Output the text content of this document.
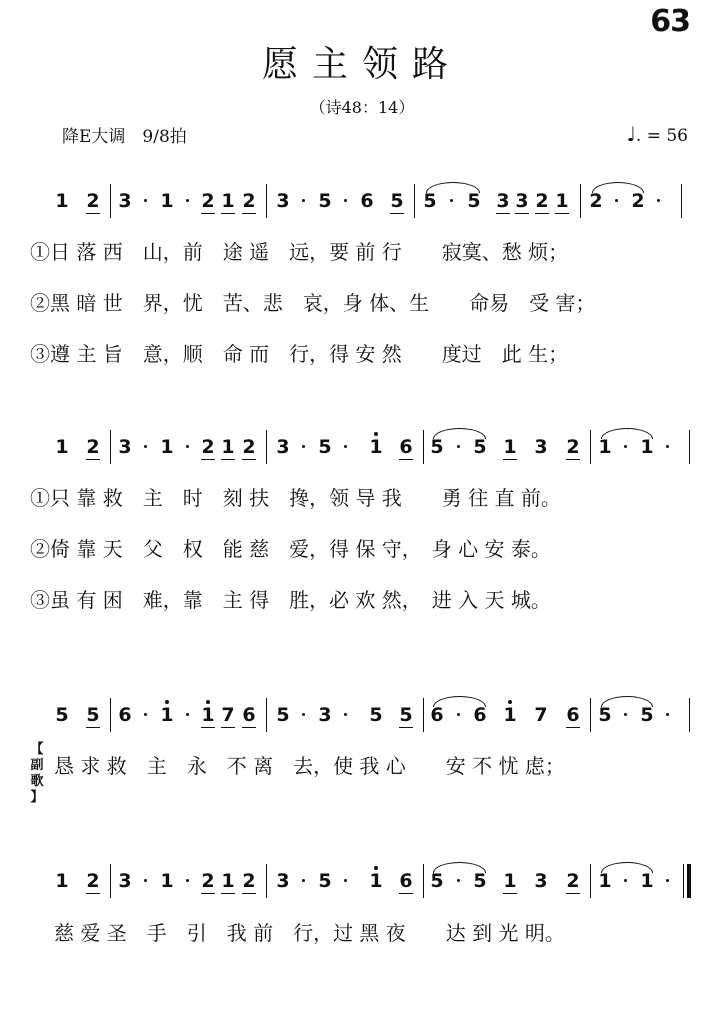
63
愿主领路
（诗48：14）
降E大调　9/8拍	♩. = 56
1 2 3 1 2 1 2 3 5 6 5 5 5 3 3 2 1 2 2
①日 落 西　山，前　途 遥　远，要 前 行　　寂寞、愁 烦；
②黑 暗 世　界，忧　苦、悲　哀，身 体、生　　命易　受 害；
③遵 主 旨　意，顺　命 而　行，得 安 然　　度过　此 生；
1 2 3 1 2 1 2 3 5 1 6 5 5 1 3 2 1 1
①只 靠 救　主　时　刻 扶　搀，领 导 我　　勇 往 直 前。
②倚 靠 天　父　权　能 慈　爱，得 保 守，　身 心 安 泰。
③虽 有 困　难，靠　主 得　胜，必 欢 然，　进 入 天 城。
5 5 6 1 1 7 6 5 3 5 5 6 6 1 7 6 5 5
恳 求 救　主　永　不 离　去，使 我 心　　安 不 忧 虑；
1 2 3 1 2 1 2 3 5 1 6 5 5 1 3 2 1 1
慈 爱 圣　手　引　我 前　行，过 黑 夜　　达 到 光 明。
【
副
歌
】
